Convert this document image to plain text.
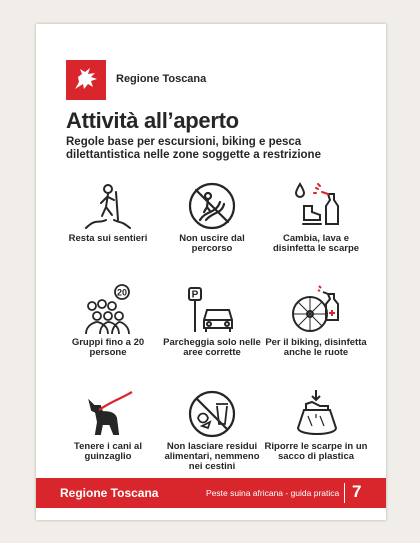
Regione Toscana
Attività all’aperto
Regole base per escursioni, biking e pesca dilettantistica nelle zone soggette a restrizione
Resta sui sentieri	Non uscire dal percorso
Cambia, lava e disinfetta le scarpe
20
Gruppi fino a 20 persone
P
Parcheggia solo nelle aree corrette
Per il biking, disinfetta anche le ruote
Tenere i cani al guinzaglio
Non lasciare residui alimentari, nemmeno nei cestini
Riporre le scarpe in un sacco di plastica
Regione Toscana	Peste suina africana - guida pratica 7
